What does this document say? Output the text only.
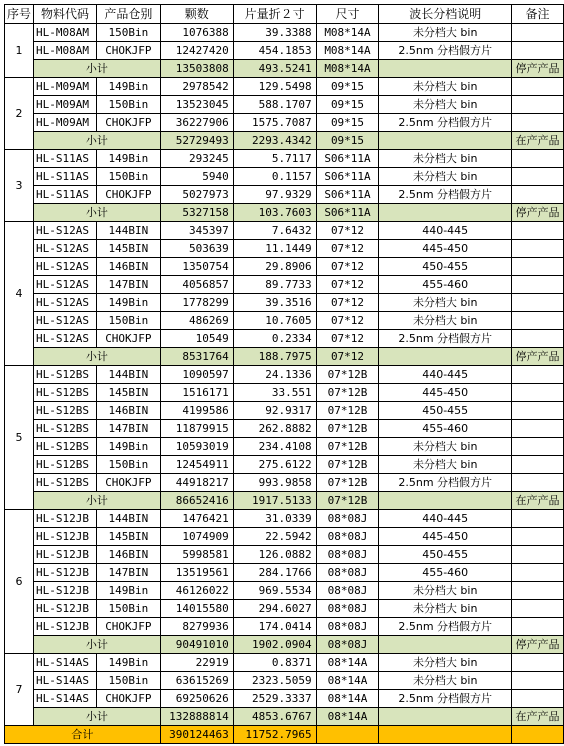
序号	物料代码	产品仓别	颗数	片量折２寸	尺寸	波长分档说明	备注
1	HL-M08AM	150Bin	1076388	39.3388	M08*14A	未分档大 bin	
	HL-M08AM	CHOKJFP	12427420	454.1853	M08*14A	2.5nm 分档假方片	
	小计		13503808	493.5241	M08*14A		停产产品
2	HL-M09AM	149Bin	2978542	129.5498	09*15	未分档大 bin	
	HL-M09AM	150Bin	13523045	588.1707	09*15	未分档大 bin	
	HL-M09AM	CHOKJFP	36227906	1575.7087	09*15	2.5nm 分档假方片	
	小计		52729493	2293.4342	09*15		在产产品
3	HL-S11AS	149Bin	293245	5.7117	S06*11A	未分档大 bin	
	HL-S11AS	150Bin	5940	0.1157	S06*11A	未分档大 bin	
	HL-S11AS	CHOKJFP	5027973	97.9329	S06*11A	2.5nm 分档假方片	
	小计		5327158	103.7603	S06*11A		停产产品
4	HL-S12AS	144BIN	345397	7.6432	07*12	440-445	
	HL-S12AS	145BIN	503639	11.1449	07*12	445-450	
	HL-S12AS	146BIN	1350754	29.8906	07*12	450-455	
	HL-S12AS	147BIN	4056857	89.7733	07*12	455-460	
	HL-S12AS	149Bin	1778299	39.3516	07*12	未分档大 bin	
	HL-S12AS	150Bin	486269	10.7605	07*12	未分档大 bin	
	HL-S12AS	CHOKJFP	10549	0.2334	07*12	2.5nm 分档假方片	
	小计		8531764	188.7975	07*12		停产产品
5	HL-S12BS	144BIN	1090597	24.1336	07*12B	440-445	
	HL-S12BS	145BIN	1516171	33.551	07*12B	445-450	
	HL-S12BS	146BIN	4199586	92.9317	07*12B	450-455	
	HL-S12BS	147BIN	11879915	262.8882	07*12B	455-460	
	HL-S12BS	149Bin	10593019	234.4108	07*12B	未分档大 bin	
	HL-S12BS	150Bin	12454911	275.6122	07*12B	未分档大 bin	
	HL-S12BS	CHOKJFP	44918217	993.9858	07*12B	2.5nm 分档假方片	
	小计		86652416	1917.5133	07*12B		在产产品
6	HL-S12JB	144BIN	1476421	31.0339	08*08J	440-445	
	HL-S12JB	145BIN	1074909	22.5942	08*08J	445-450	
	HL-S12JB	146BIN	5998581	126.0882	08*08J	450-455	
	HL-S12JB	147BIN	13519561	284.1766	08*08J	455-460	
	HL-S12JB	149Bin	46126022	969.5534	08*08J	未分档大 bin	
	HL-S12JB	150Bin	14015580	294.6027	08*08J	未分档大 bin	
	HL-S12JB	CHOKJFP	8279936	174.0414	08*08J	2.5nm 分档假方片	
	小计		90491010	1902.0904	08*08J		停产产品
7	HL-S14AS	149Bin	22919	0.8371	08*14A	未分档大 bin	
	HL-S14AS	150Bin	63615269	2323.5059	08*14A	未分档大 bin	
	HL-S14AS	CHOKJFP	69250626	2529.3337	08*14A	2.5nm 分档假方片	
	小计		132888814	4853.6767	08*14A		在产产品
合计			390124463	11752.7965			
